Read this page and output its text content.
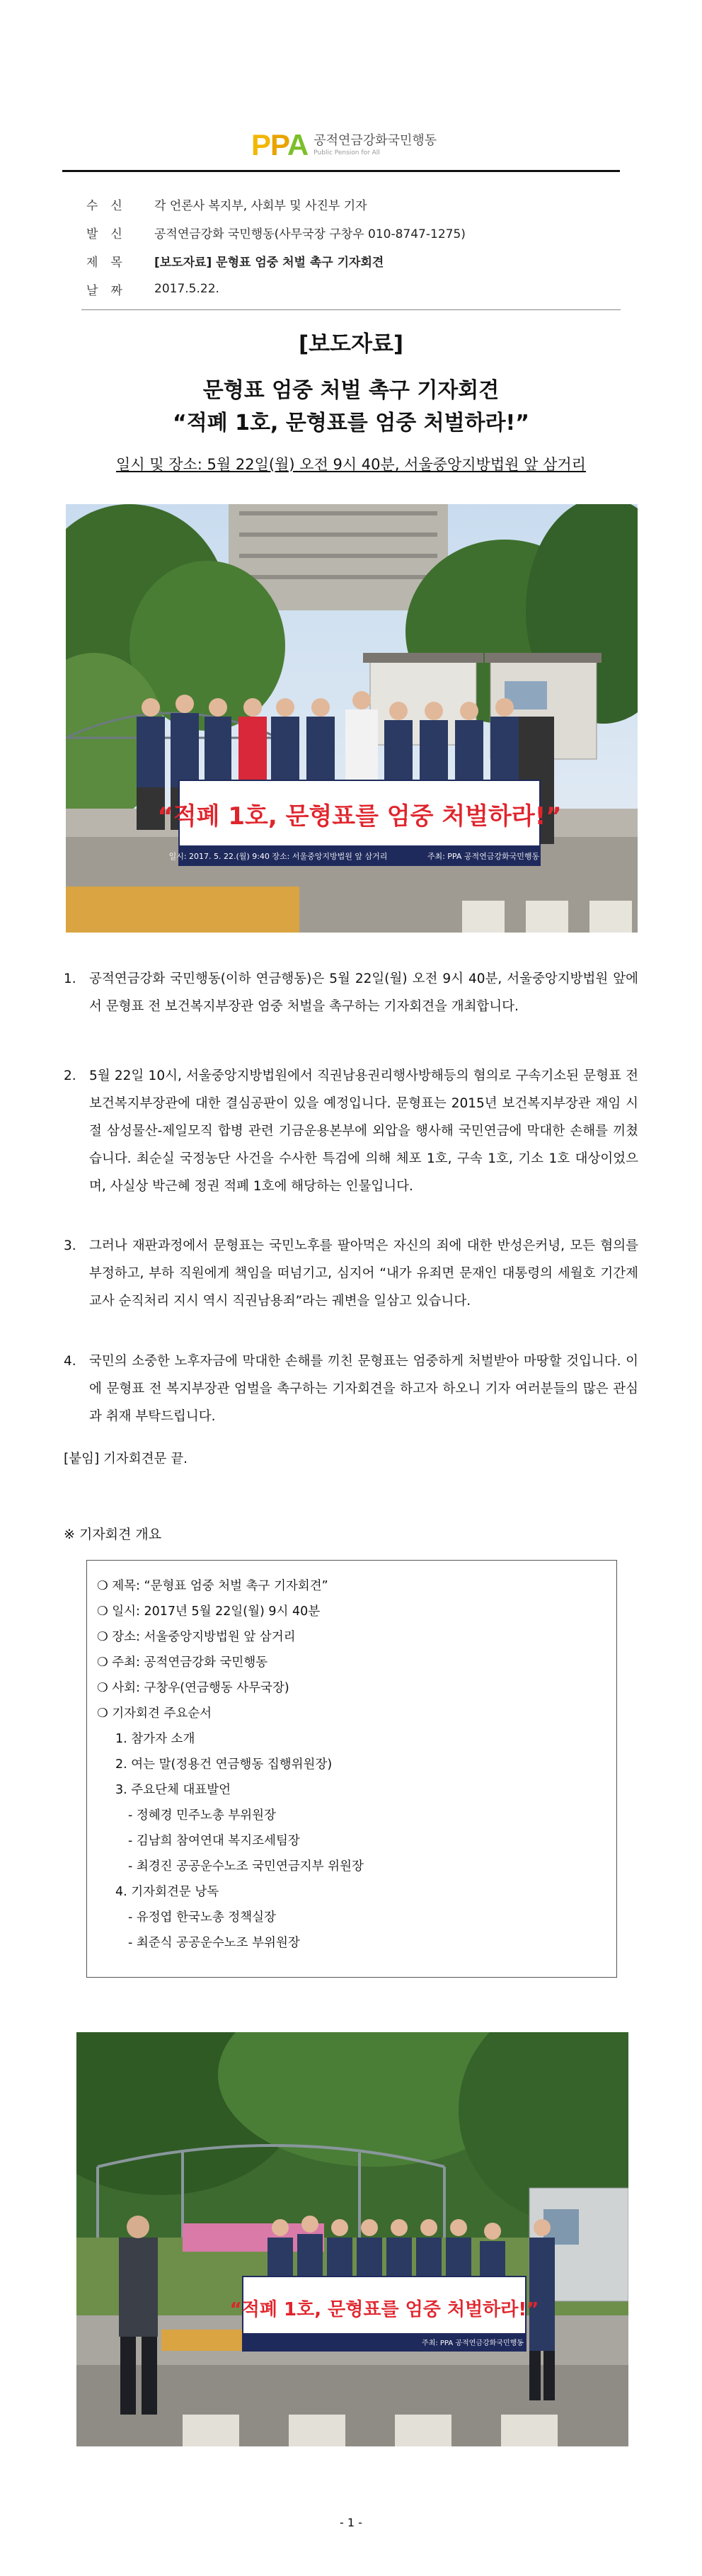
PPA 공적연금강화국민행동
Public Pension for All
수신	각 언론사 복지부, 사회부 및 사진부 기자
발신	공적연금강화 국민행동(사무국장 구창우 010-8747-1275)
제목	[보도자료] 문형표 엄중 처벌 촉구 기자회견
날짜	2017.5.22.
[보도자료]
문형표 엄중 처벌 촉구 기자회견
“적폐 1호, 문형표를 엄중 처벌하라!”
일시 및 장소: 5월 22일(월) 오전 9시 40분, 서울중앙지방법원 앞 삼거리
“적폐 1호, 문형표를 엄중 처벌하라!”
일시: 2017. 5. 22.(월) 9:40 장소: 서울중앙지방법원 앞 삼거리	주최: PPA 공적연금강화국민행동
1. 공적연금강화 국민행동(이하 연금행동)은 5월 22일(월) 오전 9시 40분, 서울중앙지방법원 앞에서 문형표 전 보건복지부장관 엄중 처벌을 촉구하는 기자회견을 개최합니다.
2. 5월 22일 10시, 서울중앙지방법원에서 직권남용권리행사방해등의 혐의로 구속기소된 문형표 전 보건복지부장관에 대한 결심공판이 있을 예정입니다. 문형표는 2015년 보건복지부장관 재임 시절 삼성물산-제일모직 합병 관련 기금운용본부에 외압을 행사해 국민연금에 막대한 손해를 끼쳤습니다. 최순실 국정농단 사건을 수사한 특검에 의해 체포 1호, 구속 1호, 기소 1호 대상이었으며, 사실상 박근혜 정권 적폐 1호에 해당하는 인물입니다.
3. 그러나 재판과정에서 문형표는 국민노후를 팔아먹은 자신의 죄에 대한 반성은커녕, 모든 혐의를 부정하고, 부하 직원에게 책임을 떠넘기고, 심지어 “내가 유죄면 문재인 대통령의 세월호 기간제 교사 순직처리 지시 역시 직권남용죄”라는 궤변을 일삼고 있습니다.
4. 국민의 소중한 노후자금에 막대한 손해를 끼친 문형표는 엄중하게 처벌받아 마땅할 것입니다. 이에 문형표 전 복지부장관 엄벌을 촉구하는 기자회견을 하고자 하오니 기자 여러분들의 많은 관심과 취재 부탁드립니다.
[붙임] 기자회견문 끝.
※ 기자회견 개요
❍ 제목: “문형표 엄중 처벌 촉구 기자회견”
❍ 일시: 2017년 5월 22일(월) 9시 40분
❍ 장소: 서울중앙지방법원 앞 삼거리
❍ 주최: 공적연금강화 국민행동
❍ 사회: 구창우(연금행동 사무국장)
❍ 기자회견 주요순서
1. 참가자 소개
2. 여는 말(정용건 연금행동 집행위원장)
3. 주요단체 대표발언
- 정혜경 민주노총 부위원장
- 김남희 참여연대 복지조세팀장
- 최경진 공공운수노조 국민연금지부 위원장
4. 기자회견문 낭독
- 유정엽 한국노총 정책실장
- 최준식 공공운수노조 부위원장
“적폐 1호, 문형표를 엄중 처벌하라!”
주최: PPA 공적연금강화국민행동
- 1 -
